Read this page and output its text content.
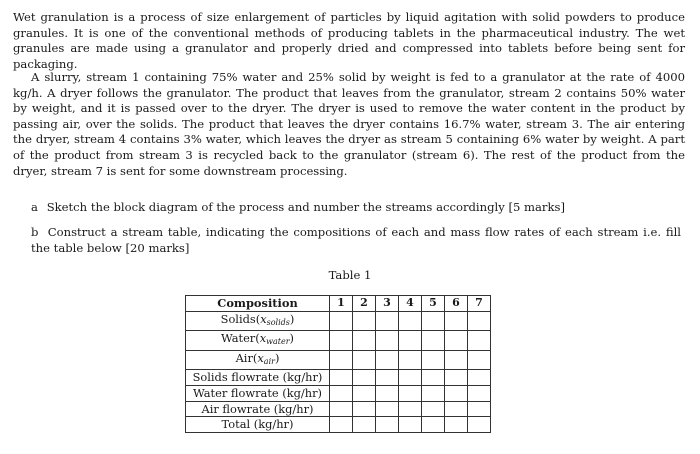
Wet granulation is a process of size enlargement of particles by liquid agitation with solid powders to produce granules. It is one of the conventional methods of producing tablets in the pharmaceutical industry. The wet granules are made using a granulator and properly dried and compressed into tablets before being sent for packaging.

A slurry, stream 1 containing 75% water and 25% solid by weight is fed to a granulator at the rate of 4000 kg/h. A dryer follows the granulator. The product that leaves from the granulator, stream 2 contains 50% water by weight, and it is passed over to the dryer. The dryer is used to remove the water content in the product by passing air, over the solids. The product that leaves the dryer contains 16.7% water, stream 3. The air entering the dryer, stream 4 contains 3% water, which leaves the dryer as stream 5 containing 6% water by weight. A part of the product from stream 3 is recycled back to the granulator (stream 6). The rest of the product from the dryer, stream 7 is sent for some downstream processing.

a Sketch the block diagram of the process and number the streams accordingly [5 marks]
b Construct a stream table, indicating the compositions of each and mass flow rates of each stream i.e. fill the table below [20 marks]
Table 1
Composition	1	2	3	4	5	6	7
$Solids(x_{solids})$							
$Water(x_{water})$							
$Air(x_{air})$							
Solids flowrate (kg/hr)							
Water flowrate (kg/hr)							
Air flowrate (kg/hr)							
Total (kg/hr)							
